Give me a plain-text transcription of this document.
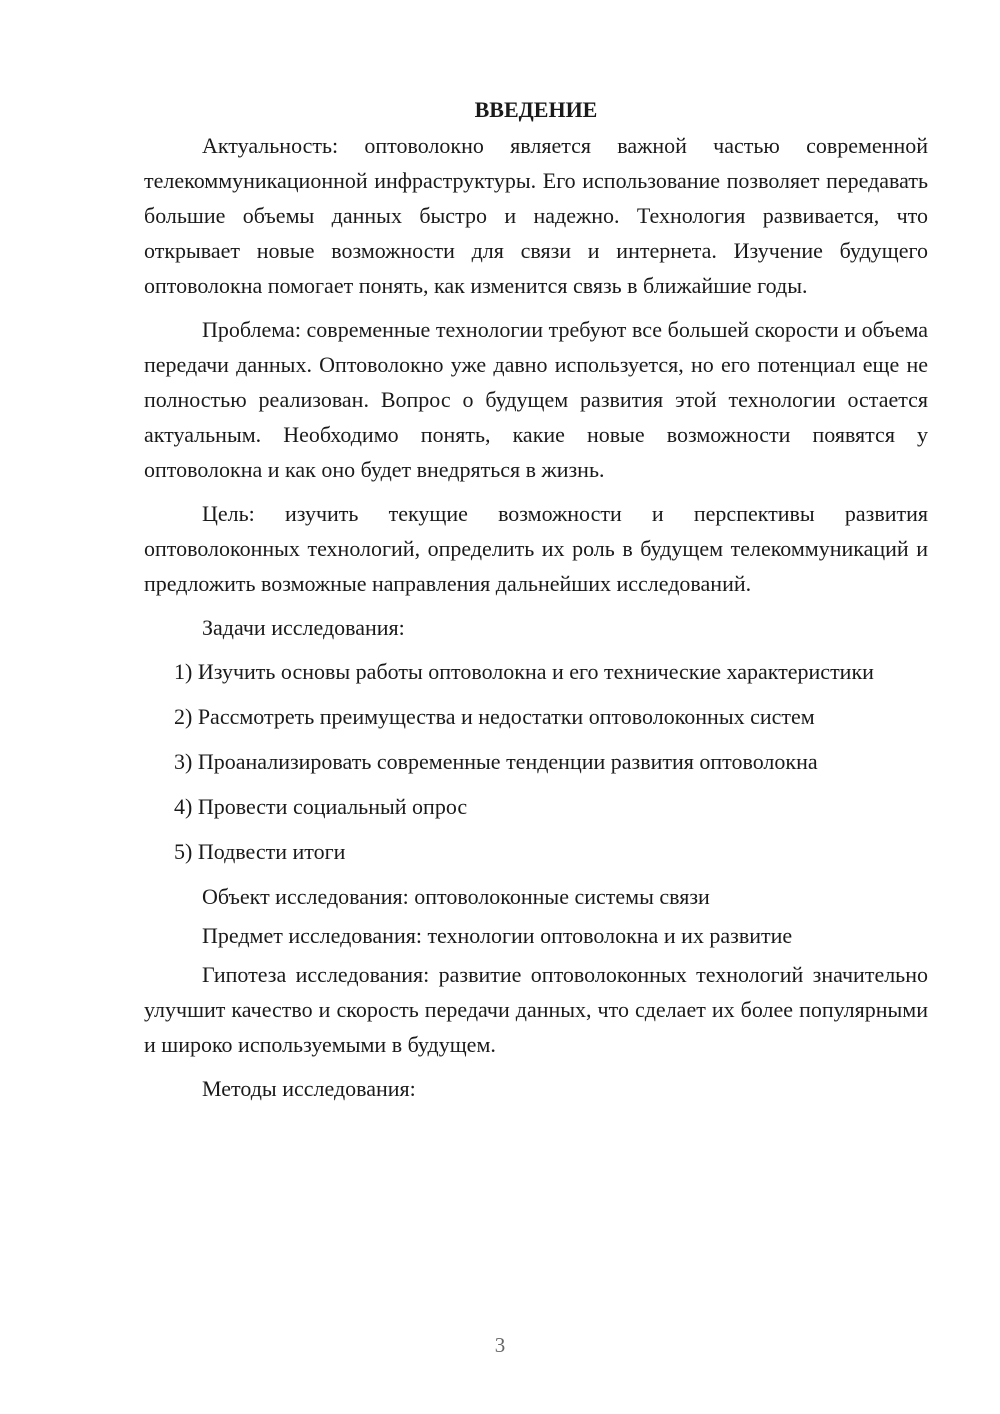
ВВЕДЕНИЕ

Актуальность: оптоволокно является важной частью современной телекоммуникационной инфраструктуры. Его использование позволяет передавать большие объемы данных быстро и надежно. Технология развивается, что открывает новые возможности для связи и интернета. Изучение будущего оптоволокна помогает понять, как изменится связь в ближайшие годы.

Проблема: современные технологии требуют все большей скорости и объема передачи данных. Оптоволокно уже давно используется, но его потенциал еще не полностью реализован. Вопрос о будущем развития этой технологии остается актуальным. Необходимо понять, какие новые возможности появятся у оптоволокна и как оно будет внедряться в жизнь.

Цель: изучить текущие возможности и перспективы развития оптоволоконных технологий, определить их роль в будущем телекоммуникаций и предложить возможные направления дальнейших исследований.

Задачи исследования:

1) Изучить основы работы оптоволокна и его технические характеристики

2) Рассмотреть преимущества и недостатки оптоволоконных систем

3) Проанализировать современные тенденции развития оптоволокна

4) Провести социальный опрос

5) Подвести итоги

Объект исследования: оптоволоконные системы связи

Предмет исследования: технологии оптоволокна и их развитие

Гипотеза исследования: развитие оптоволоконных технологий значительно улучшит качество и скорость передачи данных, что сделает их более популярными и широко используемыми в будущем.

Методы исследования:

3
